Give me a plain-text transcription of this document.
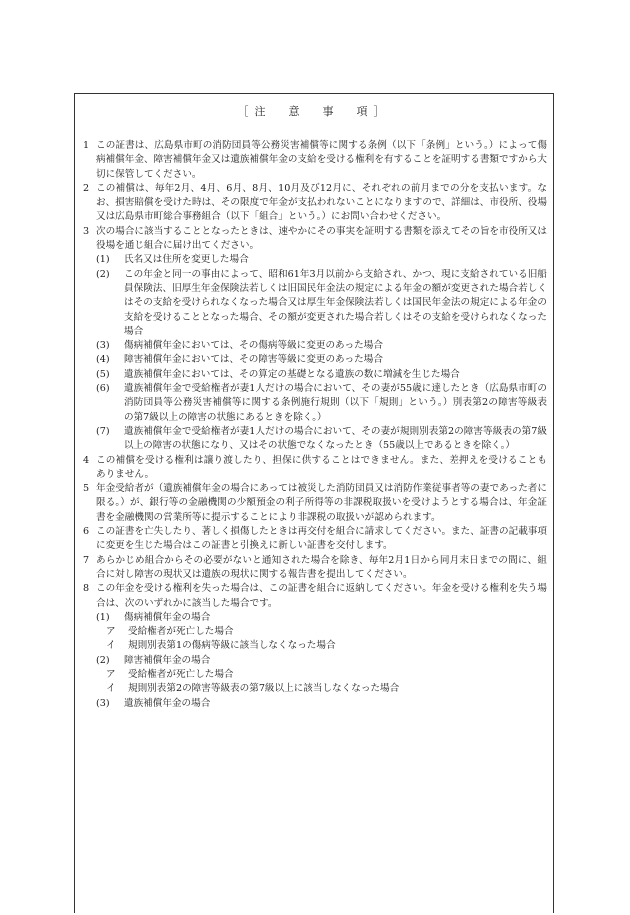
［注　意　事　項］
1 この証書は、広島県市町の消防団員等公務災害補償等に関する条例（以下「条例」という。）によって傷病補償年金、障害補償年金又は遺族補償年金の支給を受ける権利を有することを証明する書類ですから大切に保管してください。
2 この補償は、毎年2月、4月、6月、8月、10月及び12月に、それぞれの前月までの分を支払います。なお、損害賠償を受けた時は、その限度で年金が支払われないことになりますので、詳細は、市役所、役場又は広島県市町総合事務組合（以下「組合」という。）にお問い合わせください。
3 次の場合に該当することとなったときは、速やかにその事実を証明する書類を添えてその旨を市役所又は役場を通じ組合に届け出てください。
(1)	氏名又は住所を変更した場合
(2)	この年金と同一の事由によって、昭和61年3月以前から支給され、かつ、現に支給されている旧船員保険法、旧厚生年金保険法若しくは旧国民年金法の規定による年金の額が変更された場合若しくはその支給を受けられなくなった場合又は厚生年金保険法若しくは国民年金法の規定による年金の支給を受けることとなった場合、その額が変更された場合若しくはその支給を受けられなくなった場合
(3)	傷病補償年金においては、その傷病等級に変更のあった場合
(4)	障害補償年金においては、その障害等級に変更のあった場合
(5)	遺族補償年金においては、その算定の基礎となる遺族の数に増減を生じた場合
(6)	遺族補償年金で受給権者が妻1人だけの場合において、その妻が55歳に達したとき（広島県市町の消防団員等公務災害補償等に関する条例施行規則（以下「規則」という。）別表第2の障害等級表の第7級以上の障害の状態にあるときを除く。）
(7)	遺族補償年金で受給権者が妻1人だけの場合において、その妻が規則別表第2の障害等級表の第7級以上の障害の状態になり、又はその状態でなくなったとき（55歳以上であるときを除く。）
4 この補償を受ける権利は譲り渡したり、担保に供することはできません。また、差押えを受けることもありません。
5 年金受給者が（遺族補償年金の場合にあっては被災した消防団員又は消防作業従事者等の妻であった者に限る。）が、銀行等の金融機関の少額預金の利子所得等の非課税取扱いを受けようとする場合は、年金証書を金融機関の営業所等に提示することにより非課税の取扱いが認められます。
6 この証書を亡失したり、著しく損傷したときは再交付を組合に請求してください。また、証書の記載事項に変更を生じた場合はこの証書と引換えに新しい証書を交付します。
7 あらかじめ組合からその必要がないと通知された場合を除き、毎年2月1日から同月末日までの間に、組合に対し障害の現状又は遺族の現状に関する報告書を提出してください。
8 この年金を受ける権利を失った場合は、この証書を組合に返納してください。年金を受ける権利を失う場合は、次のいずれかに該当した場合です。
(1)	傷病補償年金の場合
ア	受給権者が死亡した場合
イ	規則別表第1の傷病等級に該当しなくなった場合
(2)	障害補償年金の場合
ア	受給権者が死亡した場合
イ	規則別表第2の障害等級表の第7級以上に該当しなくなった場合
(3)	遺族補償年金の場合
